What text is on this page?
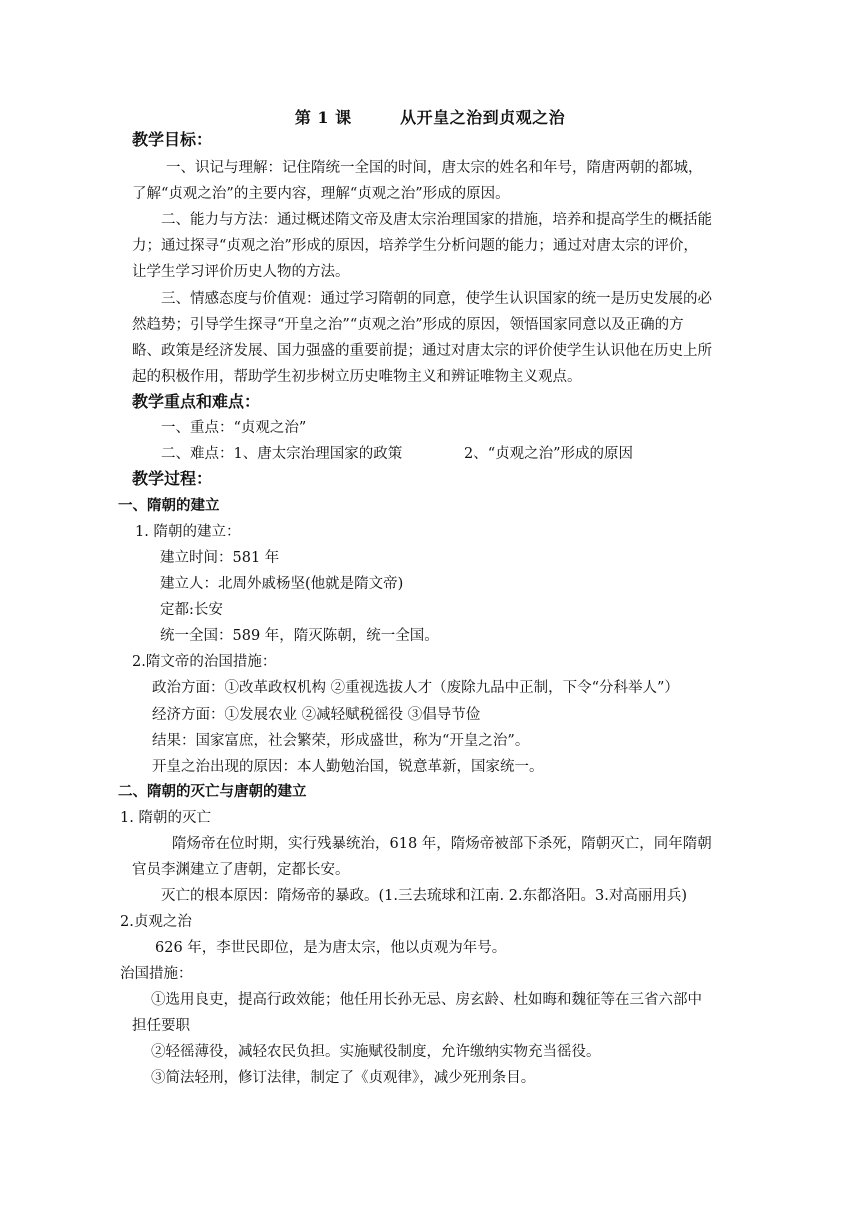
第 1 课        从开皇之治到贞观之治
教学目标：
一、识记与理解：记住隋统一全国的时间，唐太宗的姓名和年号，隋唐两朝的都城，
了解“贞观之治”的主要内容，理解“贞观之治”形成的原因。
二、能力与方法：通过概述隋文帝及唐太宗治理国家的措施，培养和提高学生的概括能
力；通过探寻“贞观之治”形成的原因，培养学生分析问题的能力；通过对唐太宗的评价，
让学生学习评价历史人物的方法。
三、情感态度与价值观：通过学习隋朝的同意，使学生认识国家的统一是历史发展的必
然趋势；引导学生探寻“开皇之治”“贞观之治”形成的原因，领悟国家同意以及正确的方
略、政策是经济发展、国力强盛的重要前提；通过对唐太宗的评价使学生认识他在历史上所
起的积极作用，帮助学生初步树立历史唯物主义和辨证唯物主义观点。
教学重点和难点：
一、重点：“贞观之治”
二、难点：1、唐太宗治理国家的政策	2、“贞观之治”形成的原因
教学过程：
一、隋朝的建立
1. 隋朝的建立：
建立时间：581 年
建立人：北周外戚杨坚(他就是隋文帝)
定都:长安
统一全国：589 年，隋灭陈朝，统一全国。
2.隋文帝的治国措施：
政治方面：①改革政权机构 ②重视选拔人才（废除九品中正制，下令“分科举人”）
经济方面：①发展农业 ②减轻赋税徭役 ③倡导节俭
结果：国家富庶，社会繁荣，形成盛世，称为“开皇之治”。
开皇之治出现的原因：本人勤勉治国，锐意革新，国家统一。
二、隋朝的灭亡与唐朝的建立
1. 隋朝的灭亡
隋炀帝在位时期，实行残暴统治，618 年，隋炀帝被部下杀死，隋朝灭亡，同年隋朝
官员李渊建立了唐朝，定都长安。
灭亡的根本原因：隋炀帝的暴政。(1.三去琉球和江南. 2.东都洛阳。3.对高丽用兵)
2.贞观之治
626 年，李世民即位，是为唐太宗，他以贞观为年号。
治国措施：
①选用良吏，提高行政效能；他任用长孙无忌、房玄龄、杜如晦和魏征等在三省六部中
担任要职
②轻徭薄役，减轻农民负担。实施赋役制度，允许缴纳实物充当徭役。
③简法轻刑，修订法律，制定了《贞观律》，减少死刑条目。
